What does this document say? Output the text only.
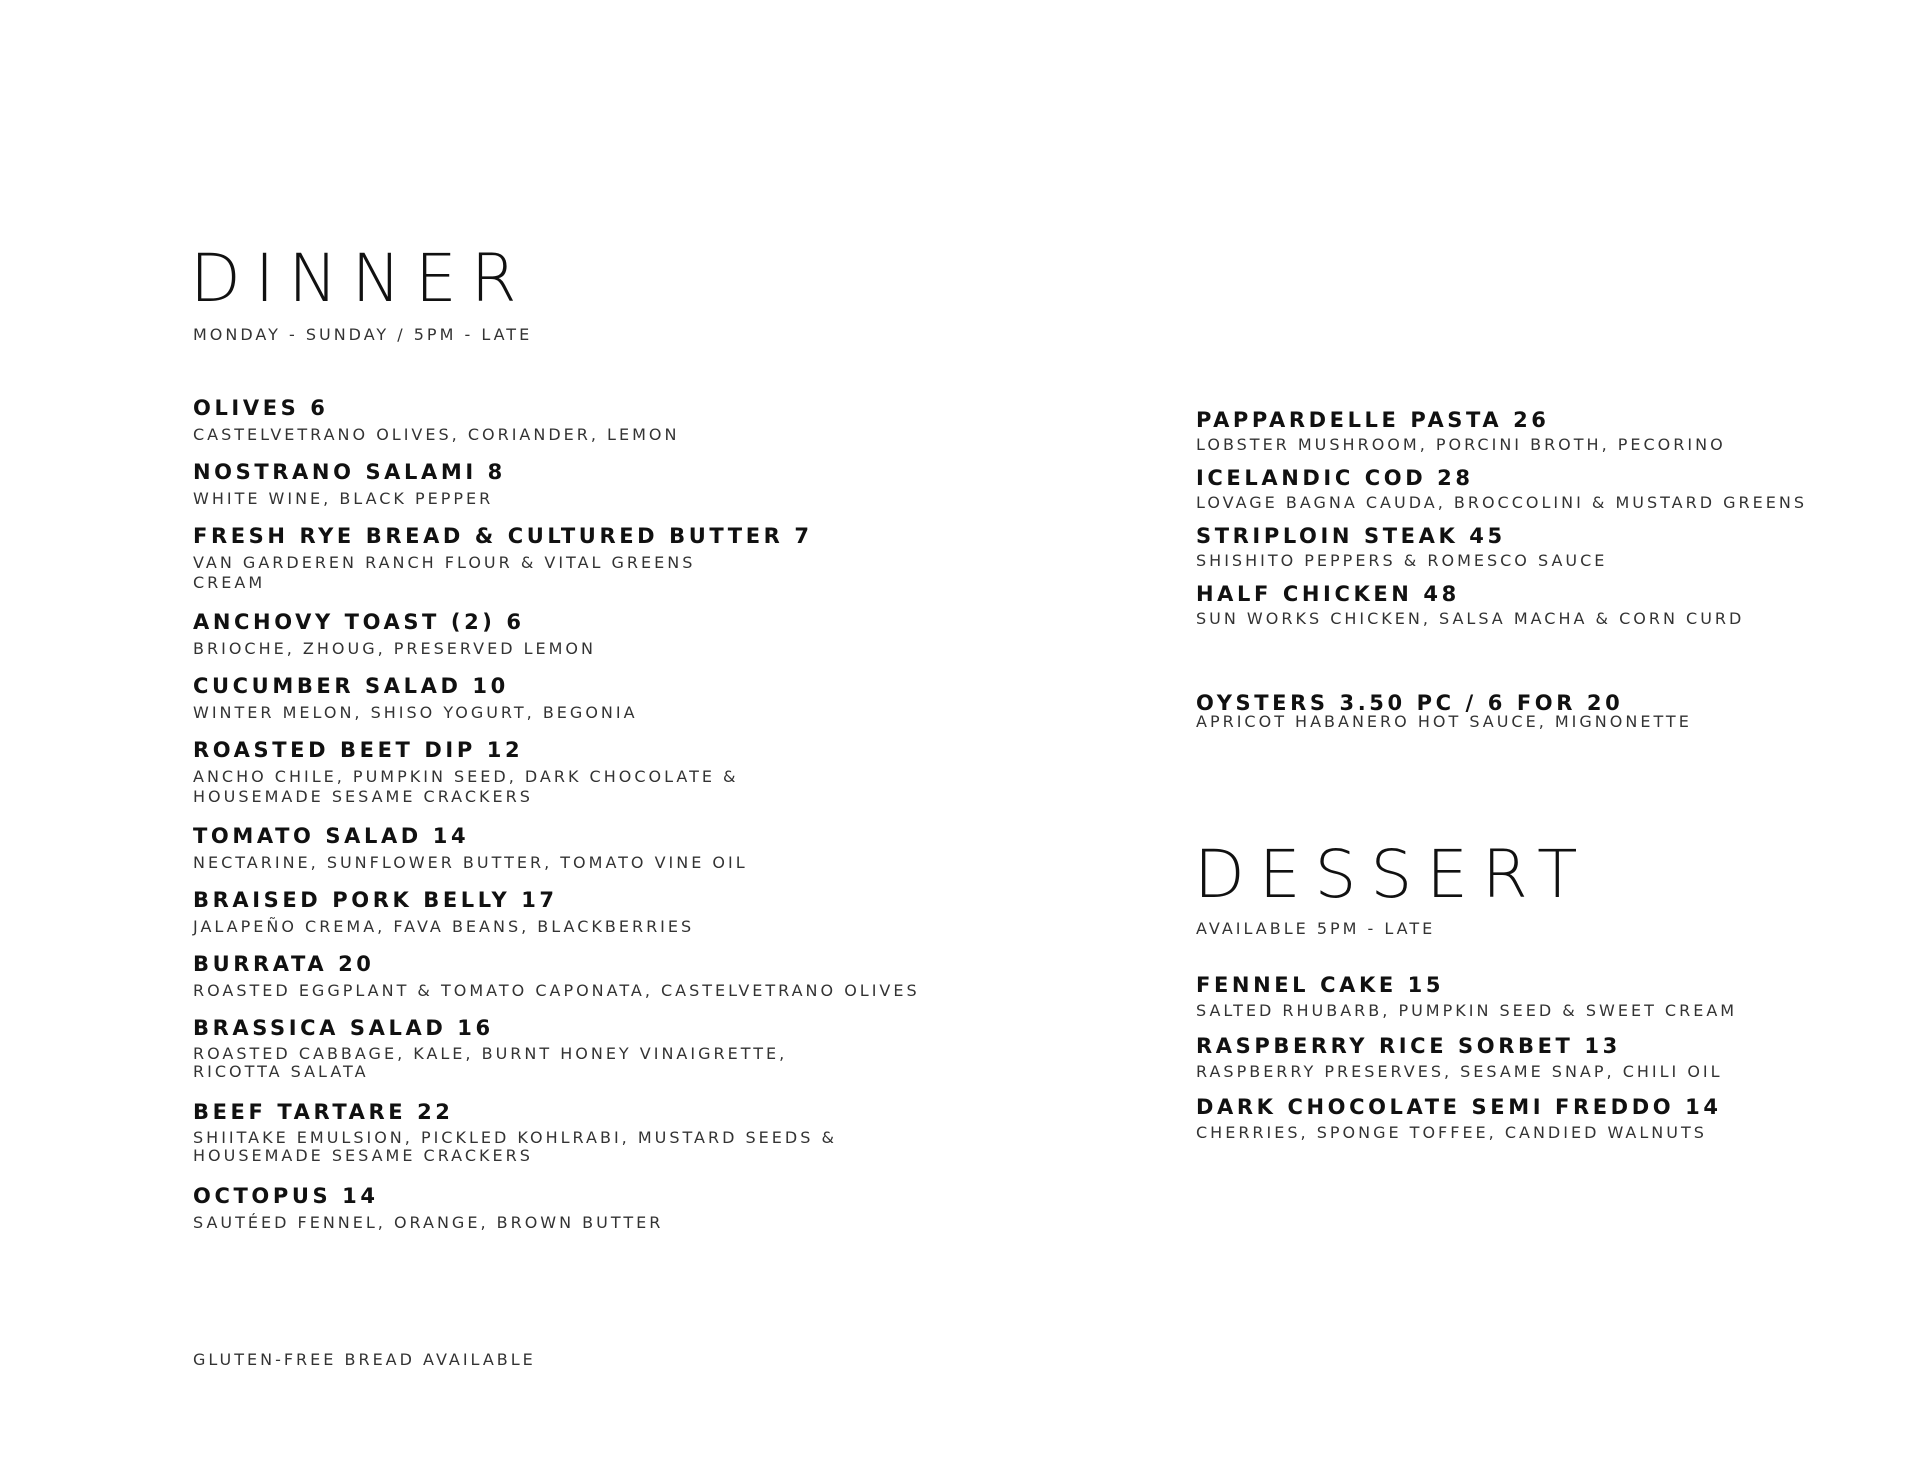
DINNER

MONDAY - SUNDAY / 5PM - LATE

OLIVES 6

CASTELVETRANO OLIVES, CORIANDER, LEMON

NOSTRANO SALAMI 8

WHITE WINE, BLACK PEPPER

FRESH RYE BREAD & CULTURED BUTTER 7

VAN GARDEREN RANCH FLOUR & VITAL GREENS CREAM

ANCHOVY TOAST (2) 6

BRIOCHE, ZHOUG, PRESERVED LEMON

CUCUMBER SALAD 10

WINTER MELON, SHISO YOGURT, BEGONIA

ROASTED BEET DIP 12

ANCHO CHILE, PUMPKIN SEED, DARK CHOCOLATE & HOUSEMADE SESAME CRACKERS

TOMATO SALAD 14

NECTARINE, SUNFLOWER BUTTER, TOMATO VINE OIL

BRAISED PORK BELLY 17

JALAPEÑO CREMA, FAVA BEANS, BLACKBERRIES

BURRATA 20

ROASTED EGGPLANT & TOMATO CAPONATA, CASTELVETRANO OLIVES

BRASSICA SALAD 16

ROASTED CABBAGE, KALE, BURNT HONEY VINAIGRETTE, RICOTTA SALATA

BEEF TARTARE 22

SHIITAKE EMULSION, PICKLED KOHLRABI, MUSTARD SEEDS & HOUSEMADE SESAME CRACKERS

OCTOPUS 14

SAUTÉED FENNEL, ORANGE, BROWN BUTTER

GLUTEN-FREE BREAD AVAILABLE

PAPPARDELLE PASTA 26

LOBSTER MUSHROOM, PORCINI BROTH, PECORINO

ICELANDIC COD 28

LOVAGE BAGNA CAUDA, BROCCOLINI & MUSTARD GREENS

STRIPLOIN STEAK 45

SHISHITO PEPPERS & ROMESCO SAUCE

HALF CHICKEN 48

SUN WORKS CHICKEN, SALSA MACHA & CORN CURD

OYSTERS 3.50 PC / 6 FOR 20

APRICOT HABANERO HOT SAUCE, MIGNONETTE

DESSERT

AVAILABLE 5PM - LATE

FENNEL CAKE 15

SALTED RHUBARB, PUMPKIN SEED & SWEET CREAM

RASPBERRY RICE SORBET 13

RASPBERRY PRESERVES, SESAME SNAP, CHILI OIL

DARK CHOCOLATE SEMI FREDDO 14

CHERRIES, SPONGE TOFFEE, CANDIED WALNUTS
